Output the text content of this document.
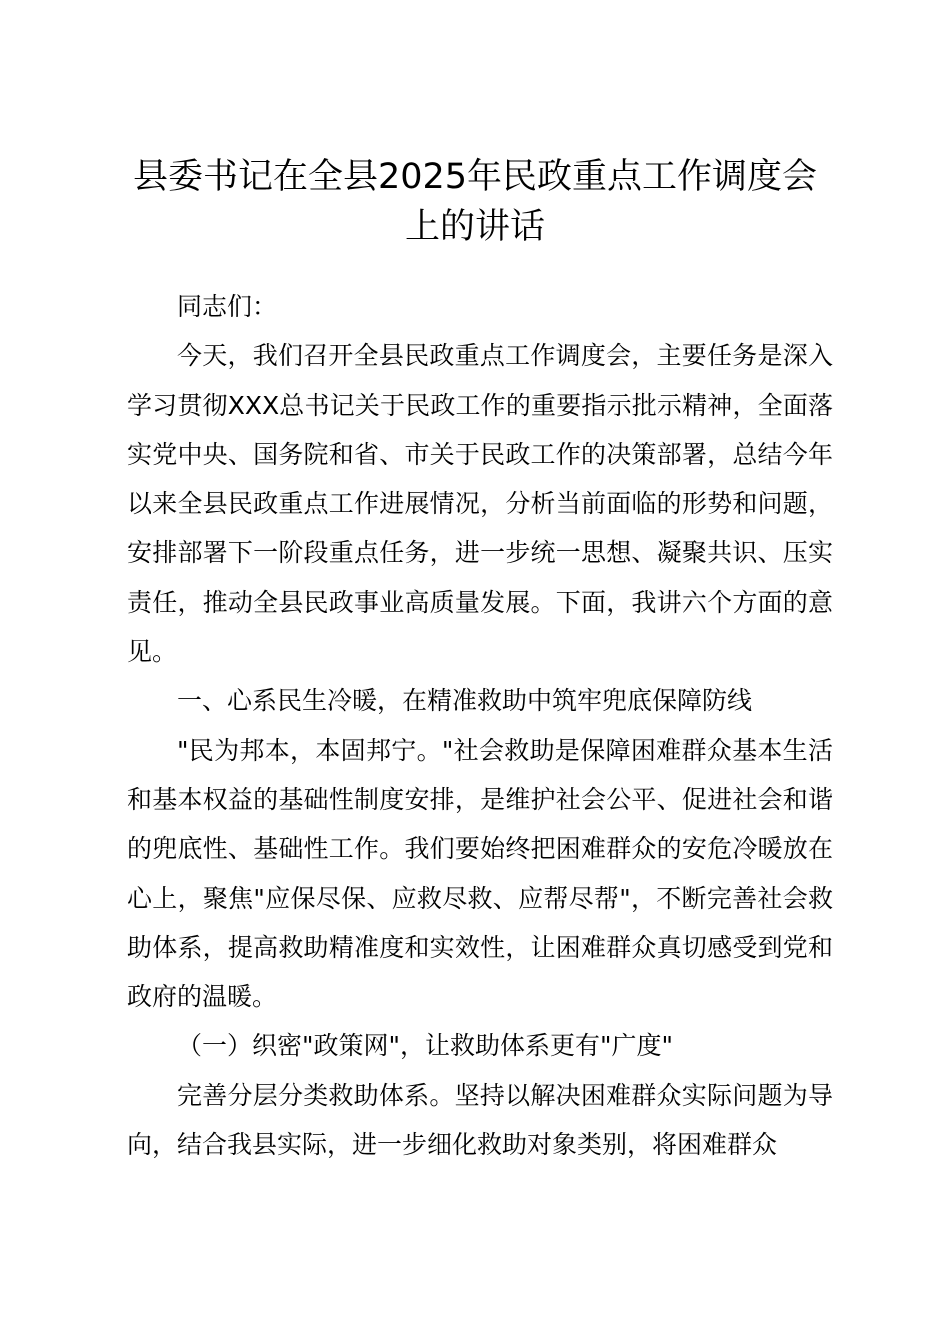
县委书记在全县2025年民政重点工作调度会上的讲话

同志们：

今天，我们召开全县民政重点工作调度会，主要任务是深入学习贯彻XXX总书记关于民政工作的重要指示批示精神，全面落实党中央、国务院和省、市关于民政工作的决策部署，总结今年以来全县民政重点工作进展情况，分析当前面临的形势和问题，安排部署下一阶段重点任务，进一步统一思想、凝聚共识、压实责任，推动全县民政事业高质量发展。下面，我讲六个方面的意见。

一、心系民生冷暖，在精准救助中筑牢兜底保障防线

"民为邦本，本固邦宁。"社会救助是保障困难群众基本生活和基本权益的基础性制度安排，是维护社会公平、促进社会和谐的兜底性、基础性工作。我们要始终把困难群众的安危冷暖放在心上，聚焦"应保尽保、应救尽救、应帮尽帮"，不断完善社会救助体系，提高救助精准度和实效性，让困难群众真切感受到党和政府的温暖。

（一）织密"政策网"，让救助体系更有"广度"

完善分层分类救助体系。坚持以解决困难群众实际问题为导向，结合我县实际，进一步细化救助对象类别，将困难群众
